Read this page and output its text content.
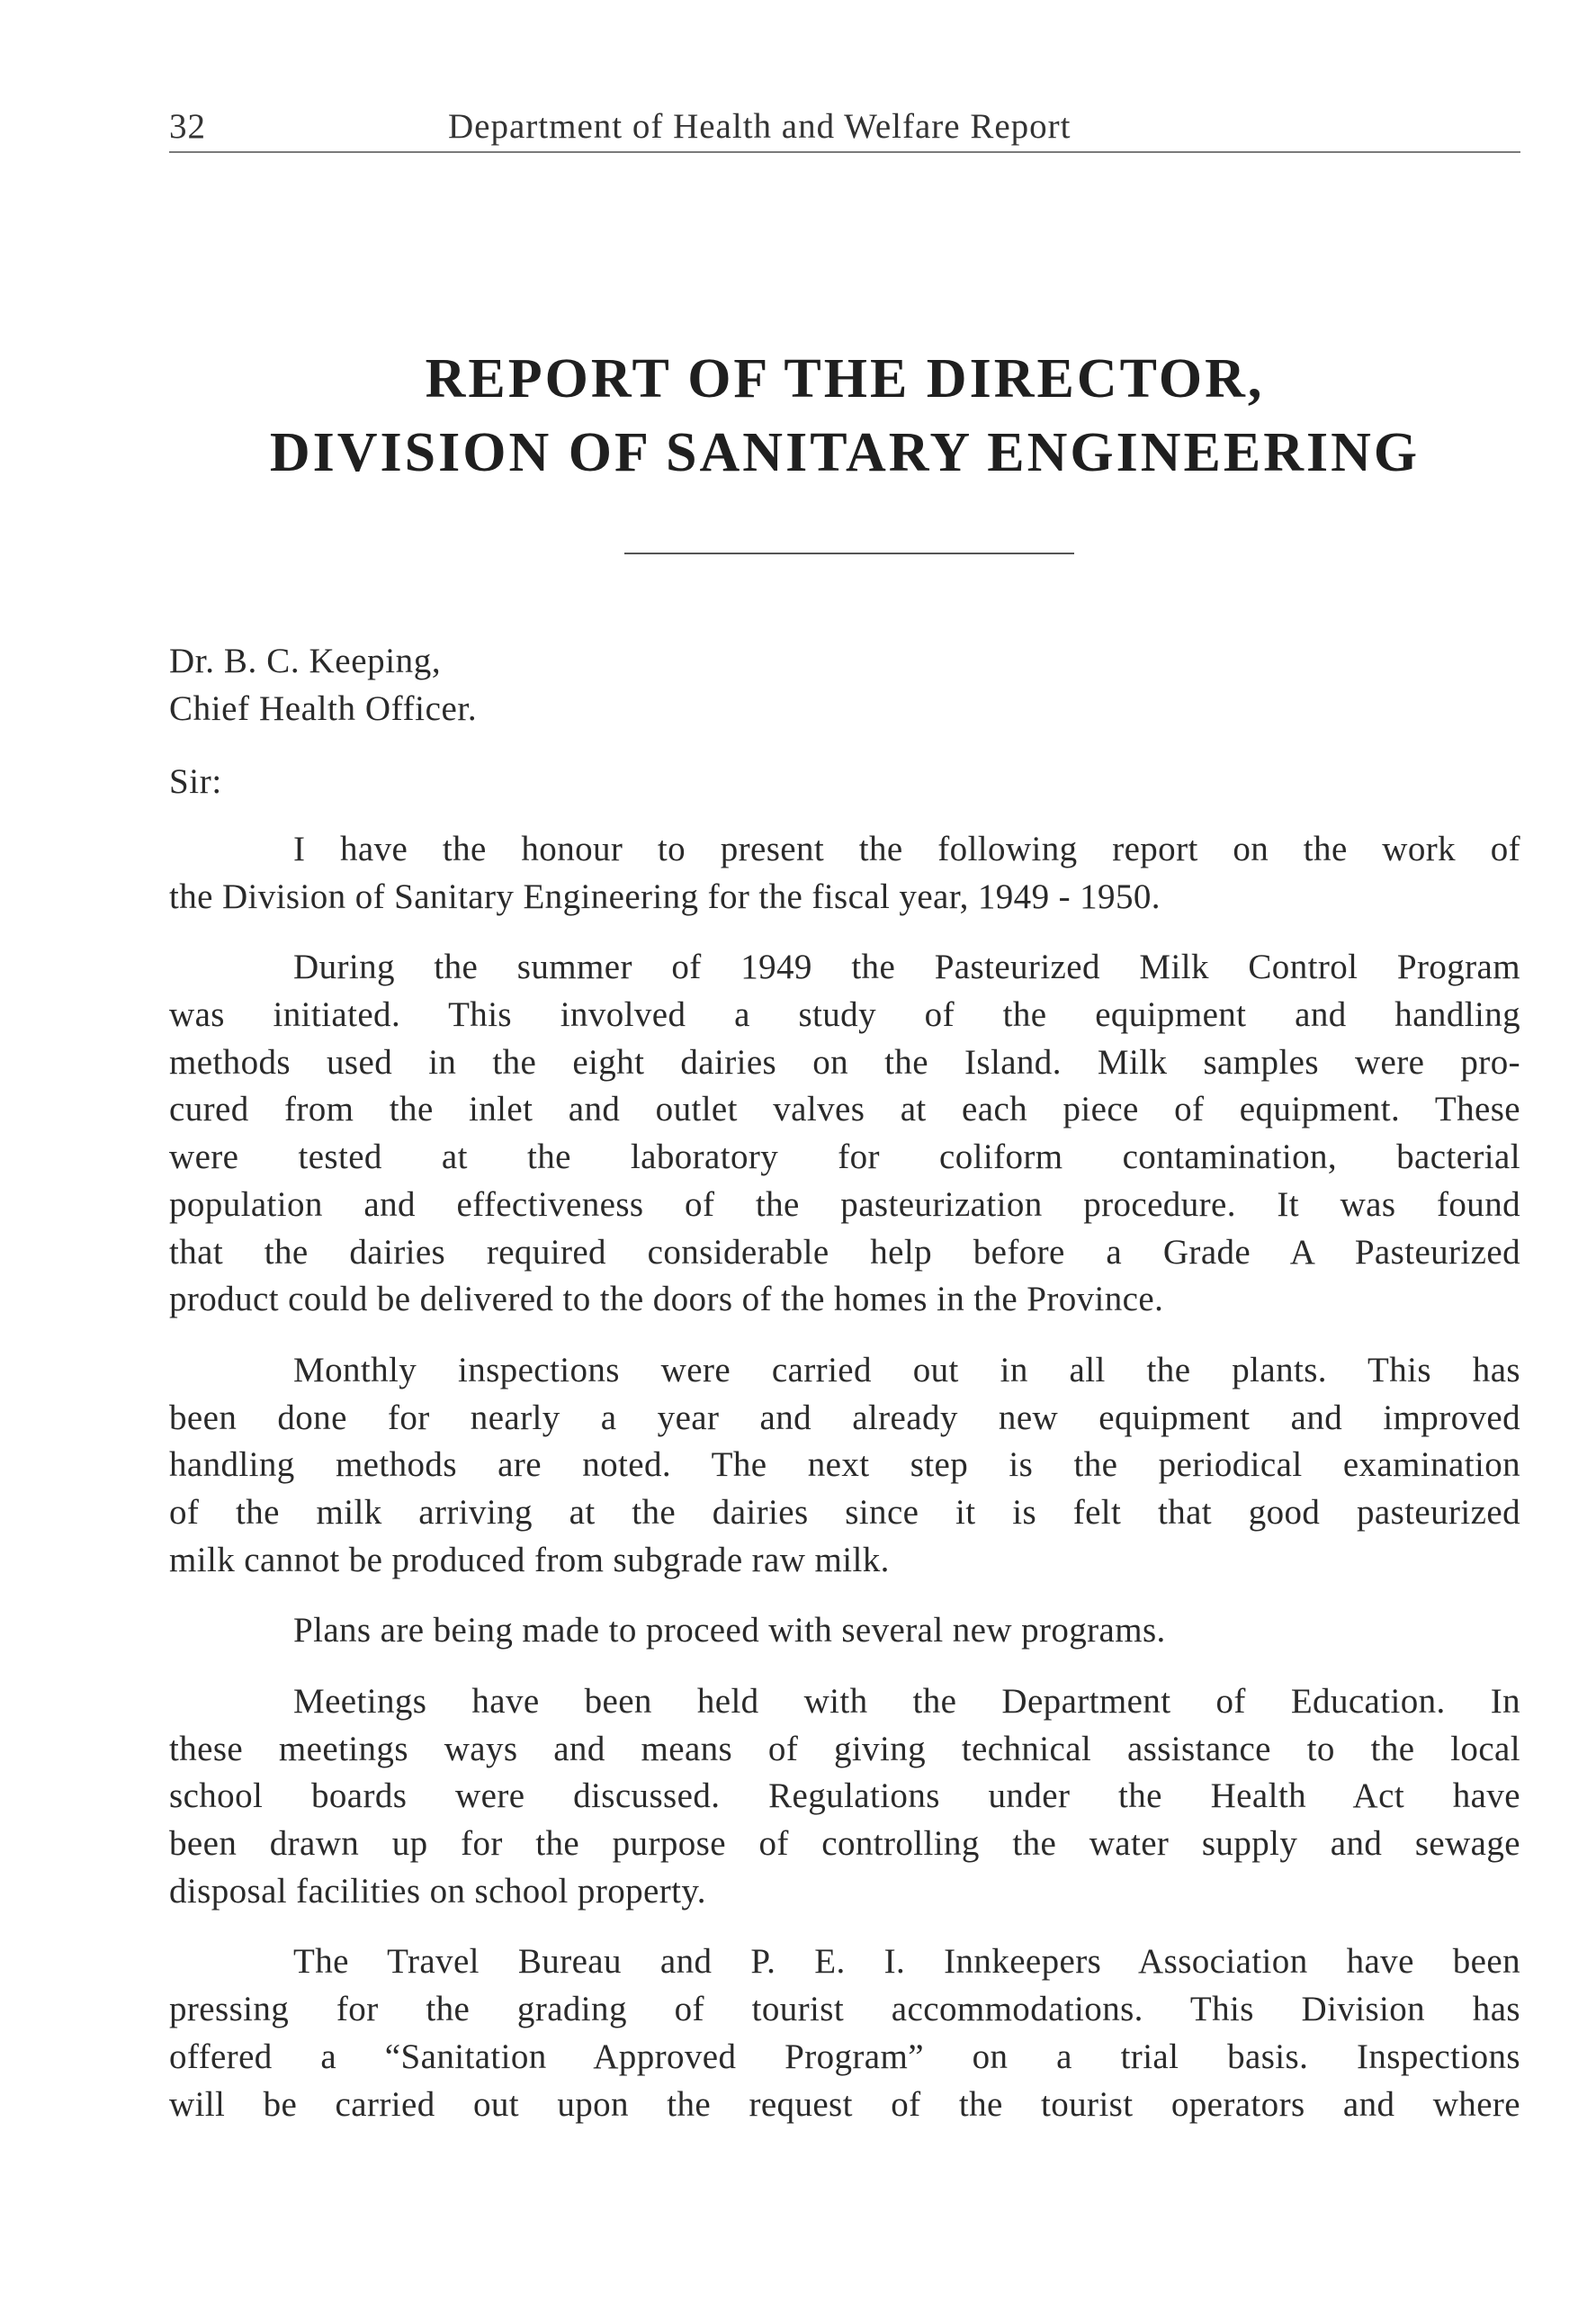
32	Department of Health and Welfare Report
REPORT OF THE DIRECTOR,
DIVISION OF SANITARY ENGINEERING
Dr. B. C. Keeping,
Chief Health Officer.
Sir:
I have the honour to present the following report on the work of
the Division of Sanitary Engineering for the fiscal year, 1949 - 1950.
During the summer of 1949 the Pasteurized Milk Control Program
was initiated. This involved a study of the equipment and handling
methods used in the eight dairies on the Island. Milk samples were pro-
cured from the inlet and outlet valves at each piece of equipment. These
were tested at the laboratory for coliform contamination, bacterial
population and effectiveness of the pasteurization procedure. It was found
that the dairies required considerable help before a Grade A Pasteurized
product could be delivered to the doors of the homes in the Province.
Monthly inspections were carried out in all the plants. This has
been done for nearly a year and already new equipment and improved
handling methods are noted. The next step is the periodical examination
of the milk arriving at the dairies since it is felt that good pasteurized
milk cannot be produced from subgrade raw milk.
Plans are being made to proceed with several new programs.
Meetings have been held with the Department of Education. In
these meetings ways and means of giving technical assistance to the local
school boards were discussed. Regulations under the Health Act have
been drawn up for the purpose of controlling the water supply and sewage
disposal facilities on school property.
The Travel Bureau and P. E. I. Innkeepers Association have been
pressing for the grading of tourist accommodations. This Division has
offered a “Sanitation Approved Program” on a trial basis. Inspections
will be carried out upon the request of the tourist operators and where
